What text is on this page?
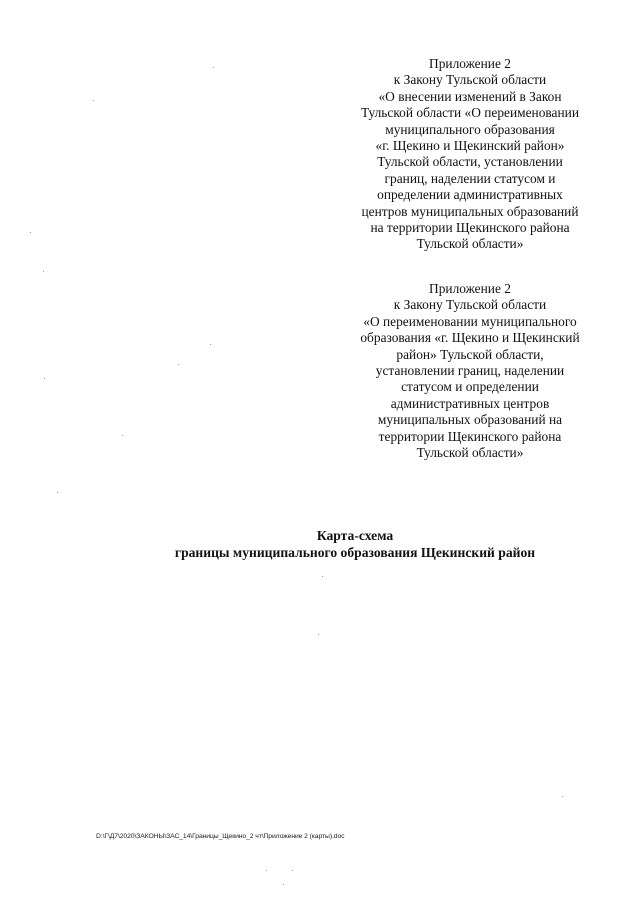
Приложение 2
к Закону Тульской области
«О внесении изменений в Закон
Тульской области «О переименовании
муниципального образования
«г. Щекино и Щекинский район»
Тульской области, установлении
границ, наделении статусом и
определении административных
центров муниципальных образований
на территории Щекинского района
Тульской области»
Приложение 2
к Закону Тульской области
«О переименовании муниципального
образования «г. Щекино и Щекинский
район» Тульской области,
установлении границ, наделении
статусом и определении
административных центров
муниципальных образований на
территории Щекинского района
Тульской области»
Карта-схема
границы муниципального образования Щекинский район
D:\Г\Д7\2020\ЗАКОНЫ\ЗАС_14\Границы_Щекино_2 чт\Приложение 2 (карты).doc
